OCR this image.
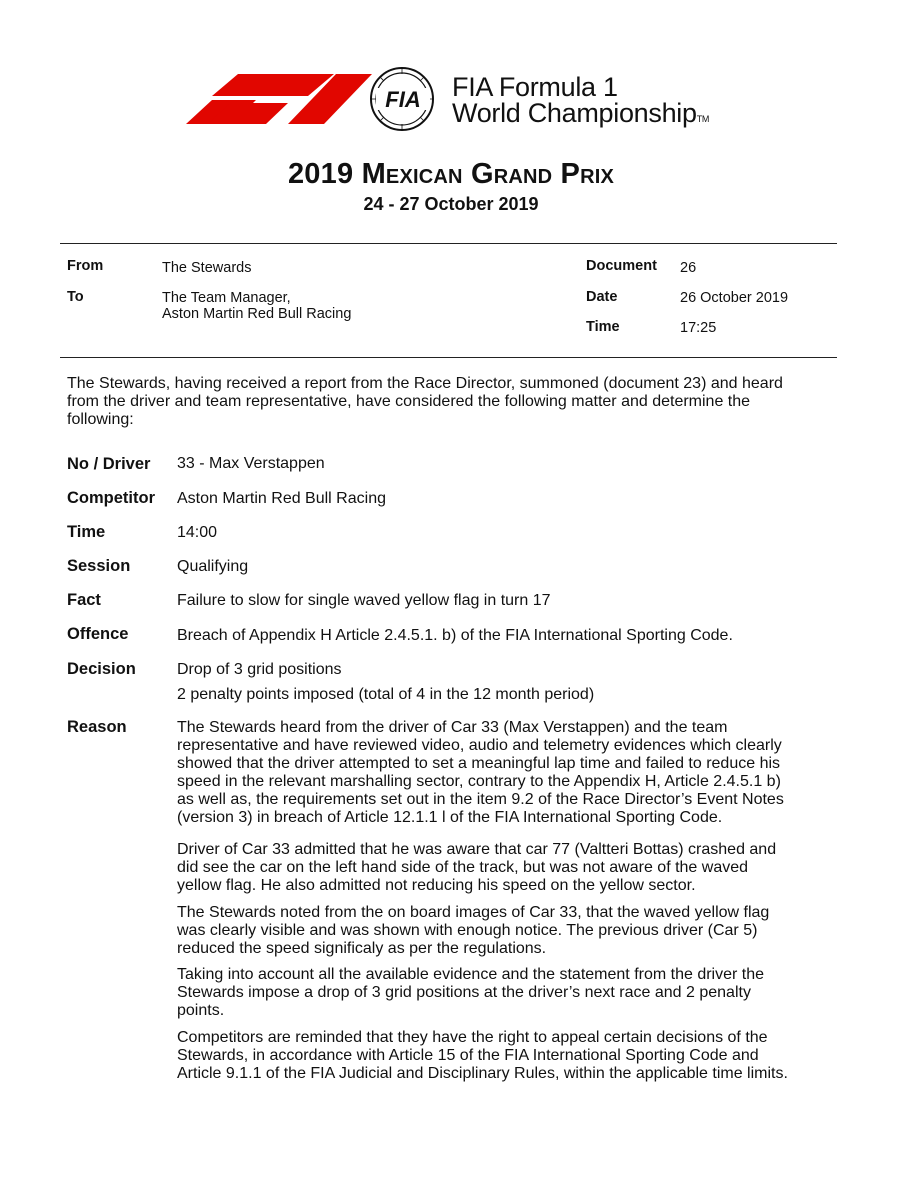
FIA FIA Formula 1
World ChampionshipTM
2019 Mexican Grand Prix
24 - 27 October 2019
From	The Stewards
To	The Team Manager,
Aston Martin Red Bull Racing
Document 26
Date	26 October 2019
Time	17:25
The Stewards, having received a report from the Race Director, summoned (document 23) and heard
from the driver and team representative, have considered the following matter and determine the
following:
No / Driver 33 - Max Verstappen
Competitor Aston Martin Red Bull Racing
Time	14:00
Session	Qualifying
Fact	Failure to slow for single waved yellow flag in turn 17
Offence	Breach of Appendix H Article 2.4.5.1. b) of the FIA International Sporting Code.
Decision	Drop of 3 grid positions
2 penalty points imposed (total of 4 in the 12 month period)
Reason	The Stewards heard from the driver of Car 33 (Max Verstappen) and the team
representative and have reviewed video, audio and telemetry evidences which clearly
showed that the driver attempted to set a meaningful lap time and failed to reduce his
speed in the relevant marshalling sector, contrary to the Appendix H, Article 2.4.5.1 b)
as well as, the requirements set out in the item 9.2 of the Race Director’s Event Notes
(version 3) in breach of Article 12.1.1 l of the FIA International Sporting Code.
Driver of Car 33 admitted that he was aware that car 77 (Valtteri Bottas) crashed and
did see the car on the left hand side of the track, but was not aware of the waved
yellow flag. He also admitted not reducing his speed on the yellow sector.
The Stewards noted from the on board images of Car 33, that the waved yellow flag
was clearly visible and was shown with enough notice. The previous driver (Car 5)
reduced the speed significaly as per the regulations.
Taking into account all the available evidence and the statement from the driver the
Stewards impose a drop of 3 grid positions at the driver’s next race and 2 penalty
points.
Competitors are reminded that they have the right to appeal certain decisions of the
Stewards, in accordance with Article 15 of the FIA International Sporting Code and
Article 9.1.1 of the FIA Judicial and Disciplinary Rules, within the applicable time limits.
